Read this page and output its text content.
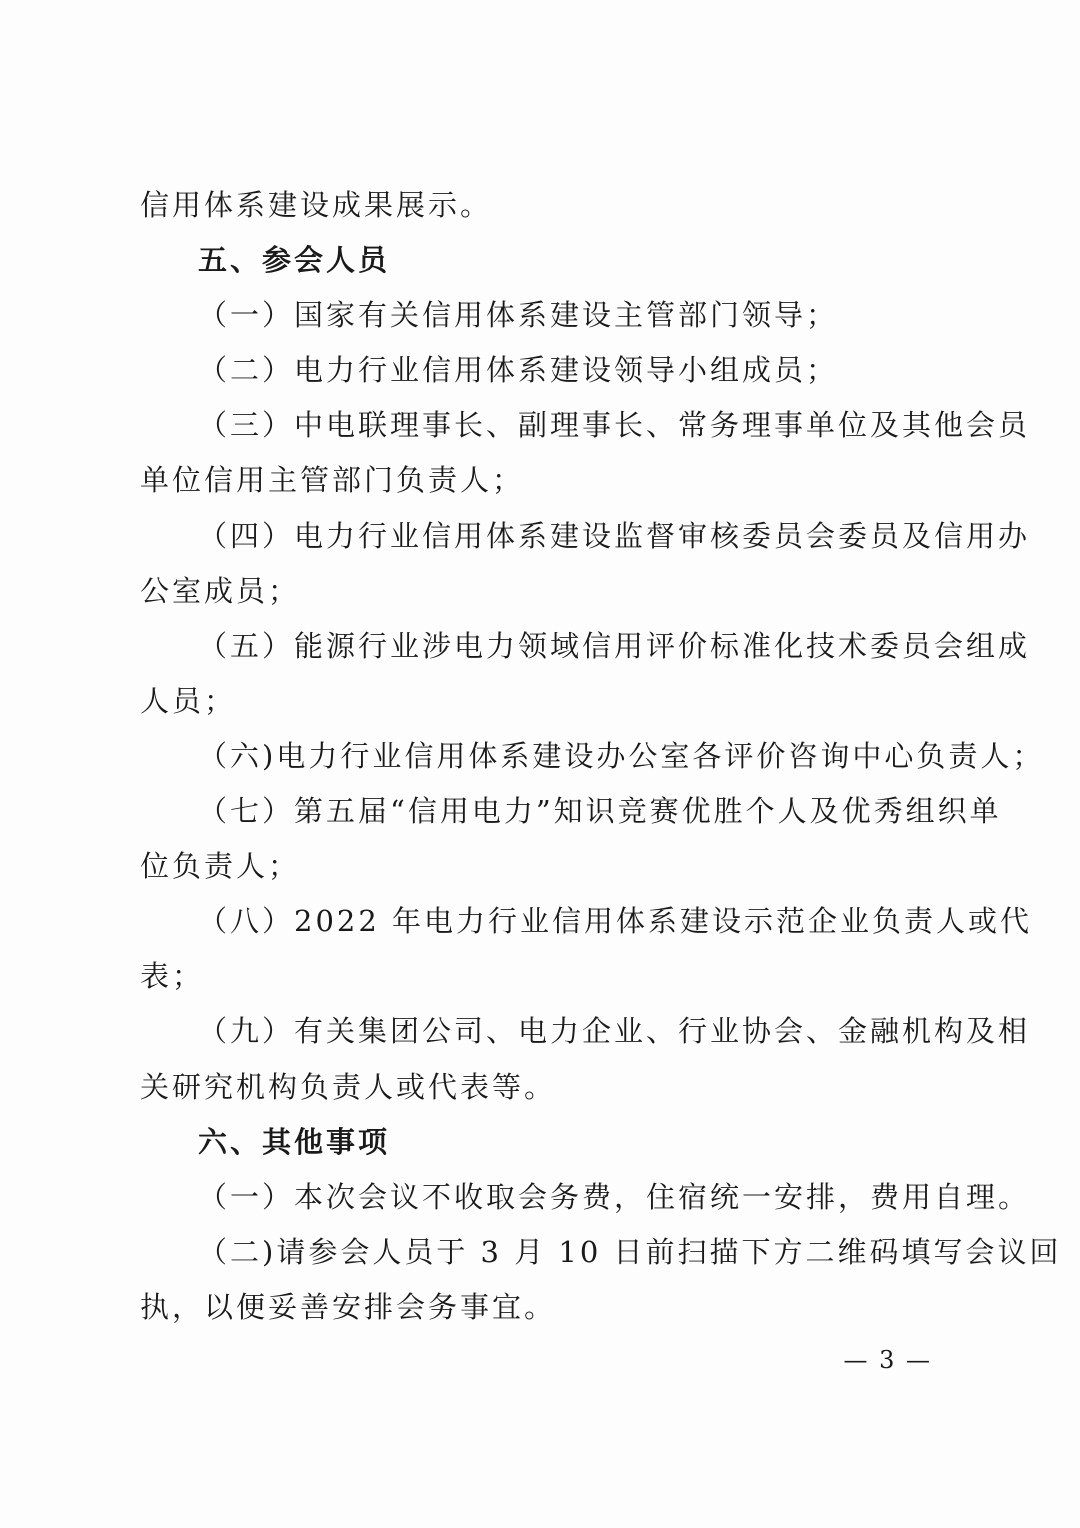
信用体系建设成果展示。
五、参会人员
（一）国家有关信用体系建设主管部门领导；
（二）电力行业信用体系建设领导小组成员；
（三）中电联理事长、副理事长、常务理事单位及其他会员
单位信用主管部门负责人；
（四）电力行业信用体系建设监督审核委员会委员及信用办
公室成员；
（五）能源行业涉电力领域信用评价标准化技术委员会组成
人员；
（六)电力行业信用体系建设办公室各评价咨询中心负责人；
（七）第五届“信用电力”知识竞赛优胜个人及优秀组织单
位负责人；
（八）2022 年电力行业信用体系建设示范企业负责人或代
表；
（九）有关集团公司、电力企业、行业协会、金融机构及相
关研究机构负责人或代表等。
六、其他事项
（一）本次会议不收取会务费，住宿统一安排，费用自理。
（二)请参会人员于 3 月 10 日前扫描下方二维码填写会议回
执，以便妥善安排会务事宜。
— 3 —
